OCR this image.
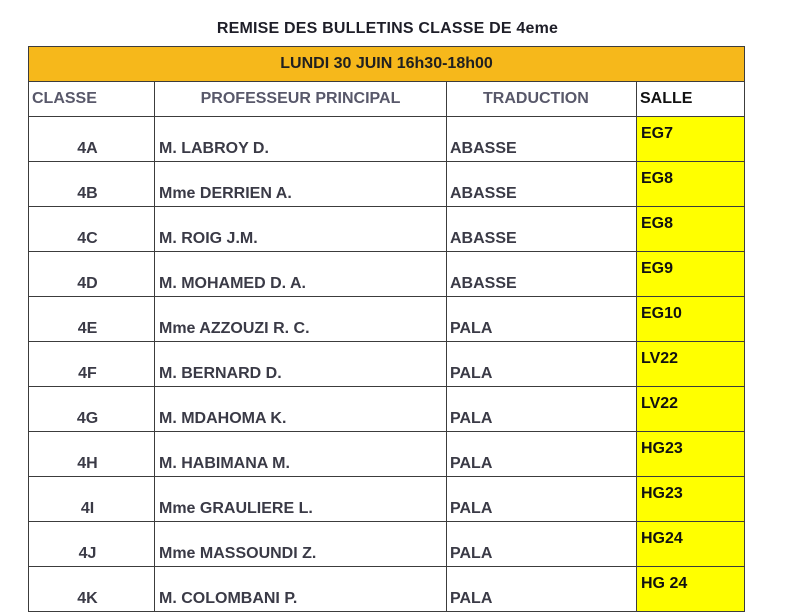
REMISE DES BULLETINS CLASSE DE 4eme
LUNDI 30 JUIN 16h30-18h00			
CLASSE	PROFESSEUR PRINCIPAL	TRADUCTION	SALLE
4A	M. LABROY D.	ABASSE	EG7
4B	Mme DERRIEN A.	ABASSE	EG8
4C	M. ROIG J.M.	ABASSE	EG8
4D	M. MOHAMED D. A.	ABASSE	EG9
4E	Mme AZZOUZI R. C.	PALA	EG10
4F	M. BERNARD D.	PALA	LV22
4G	M. MDAHOMA K.	PALA	LV22
4H	M. HABIMANA M.	PALA	HG23
4I	Mme GRAULIERE L.	PALA	HG23
4J	Mme MASSOUNDI Z.	PALA	HG24
4K	M. COLOMBANI P.	PALA	HG 24
